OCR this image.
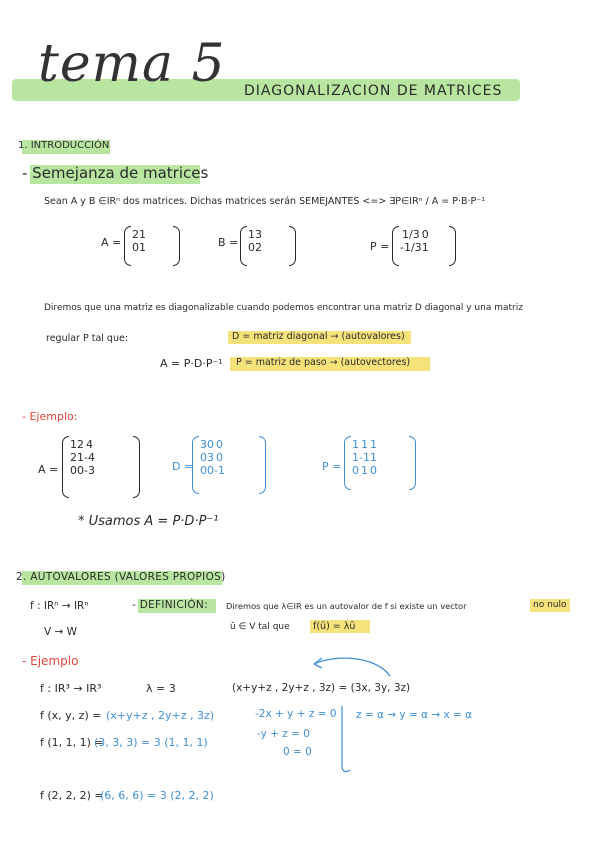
tema 5 DIAGONALIZACION DE MATRICES
1. INTRODUCCIÓN
- Semejanza de matrices
Sean A y B ∈IRⁿ dos matrices. Dichas matrices serán SEMEJANTES <=> ∃P∈IRⁿ / A = P·B·P⁻¹
A =
2	1
0	1	B =
1	3
0	2	P =
1/3	0
-1/3	1
Diremos que una matriz es diagonalizable cuando podemos encontrar una matriz D diagonal y una matriz
regular P tal que:	D = matriz diagonal → (autovalores)
A = P·D·P⁻¹ P = matriz de paso → (autovectores)
- Ejemplo:
A =
1	2	4
2	1	-4
0	0	-3	D =
3	0	0
0	3	0
0	0	-1	P =
1	1	1
1	-1	1
0	1	0
* Usamos A = P·D·P⁻¹
2. AUTOVALORES (VALORES PROPIOS)
f : IRⁿ → IRⁿ
V → W
- DEFINICIÓN: Diremos que λ∈IR es un autovalor de f si existe un vector	no nulo
ū ∈ V tal que f(ū) = λū
- Ejemplo
f : IR³ → IR³	λ = 3	(x+y+z , 2y+z , 3z) = (3x, 3y, 3z)
f (x, y, z) = (x+y+z , 2y+z , 3z)	-2x + y + z = 0
-y + z = 0
0 = 0
z = α → y = α → x = α
f (1, 1, 1) =
(3, 3, 3) = 3 (1, 1, 1)
f (2, 2, 2) =
(6, 6, 6) = 3 (2, 2, 2)
